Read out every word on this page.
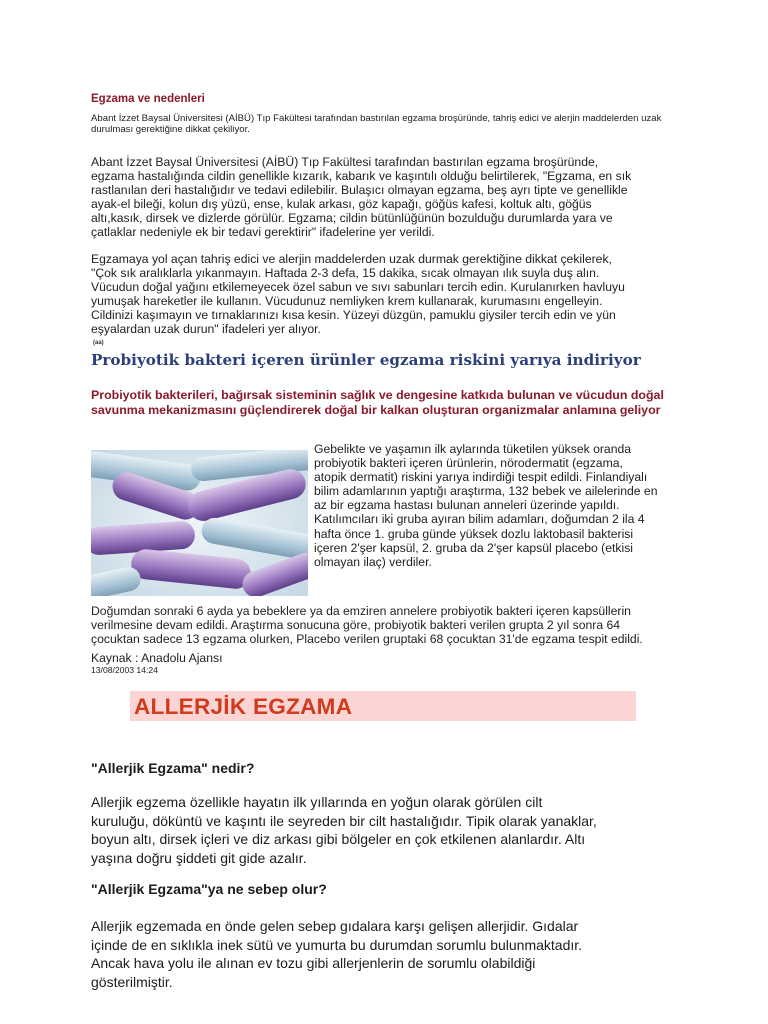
Egzama ve nedenleri
Abant İzzet Baysal Üniversitesi (AİBÜ) Tıp Fakültesi tarafından bastırılan egzama broşüründe, tahriş edici ve alerjin maddelerden uzak durulması gerektiğine dikkat çekiliyor.
Abant İzzet Baysal Üniversitesi (AİBÜ) Tıp Fakültesi tarafından bastırılan egzama broşüründe,
egzama hastalığında cildin genellikle kızarık, kabarık ve kaşıntılı olduğu belirtilerek, "Egzama, en sık
rastlanılan deri hastalığıdır ve tedavi edilebilir. Bulaşıcı olmayan egzama, beş ayrı tipte ve genellikle
ayak-el bileği, kolun dış yüzü, ense, kulak arkası, göz kapağı, göğüs kafesi, koltuk altı, göğüs
altı,kasık, dirsek ve dizlerde görülür. Egzama; cildin bütünlüğünün bozulduğu durumlarda yara ve
çatlaklar nedeniyle ek bir tedavi gerektirir" ifadelerine yer verildi.
Egzamaya yol açan tahriş edici ve alerjin maddelerden uzak durmak gerektiğine dikkat çekilerek,
"Çok sık aralıklarla yıkanmayın. Haftada 2-3 defa, 15 dakika, sıcak olmayan ılık suyla duş alın.
Vücudun doğal yağını etkilemeyecek özel sabun ve sıvı sabunları tercih edin. Kurulanırken havluyu
yumuşak hareketler ile kullanın. Vücudunuz nemliyken krem kullanarak, kurumasını engelleyin.
Cildinizi kaşımayın ve tırnaklarınızı kısa kesin. Yüzeyi düzgün, pamuklu giysiler tercih edin ve yün
eşyalardan uzak durun" ifadeleri yer alıyor.
(aa)
Probiyotik bakteri içeren ürünler egzama riskini yarıya indiriyor
Probiyotik bakterileri, bağırsak sisteminin sağlık ve dengesine katkıda bulunan ve vücudun doğal savunma mekanizmasını güçlendirerek doğal bir kalkan oluşturan organizmalar anlamına geliyor
Gebelikte ve yaşamın ilk aylarında tüketilen yüksek oranda
probiyotik bakteri içeren ürünlerin, nörodermatit (egzama,
atopik dermatit) riskini yarıya indirdiği tespit edildi. Finlandiyalı
bilim adamlarının yaptığı araştırma, 132 bebek ve ailelerinde en
az bir egzama hastası bulunan anneleri üzerinde yapıldı.
Katılımcıları iki gruba ayıran bilim adamları, doğumdan 2 ila 4
hafta önce 1. gruba günde yüksek dozlu laktobasil bakterisi
içeren 2'şer kapsül, 2. gruba da 2'şer kapsül placebo (etkisi
olmayan ilaç) verdiler.
Doğumdan sonraki 6 ayda ya bebeklere ya da emziren annelere probiyotik bakteri içeren kapsüllerin
verilmesine devam edildi. Araştırma sonucuna göre, probiyotik bakteri verilen grupta 2 yıl sonra 64
çocuktan sadece 13 egzama olurken, Placebo verilen gruptaki 68 çocuktan 31'de egzama tespit edildi.
Kaynak : Anadolu Ajansı
13/08/2003 14:24
ALLERJİK EGZAMA
"Allerjik Egzama" nedir?
Allerjik egzema özellikle hayatın ilk yıllarında en yoğun olarak görülen cilt
kuruluğu, döküntü ve kaşıntı ile seyreden bir cilt hastalığıdır. Tipik olarak yanaklar,
boyun altı, dirsek içleri ve diz arkası gibi bölgeler en çok etkilenen alanlardır. Altı
yaşına doğru şiddeti git gide azalır.
"Allerjik Egzama"ya ne sebep olur?
Allerjik egzemada en önde gelen sebep gıdalara karşı gelişen allerjidir. Gıdalar
içinde de en sıklıkla inek sütü ve yumurta bu durumdan sorumlu bulunmaktadır.
Ancak hava yolu ile alınan ev tozu gibi allerjenlerin de sorumlu olabildiği
gösterilmiştir.
